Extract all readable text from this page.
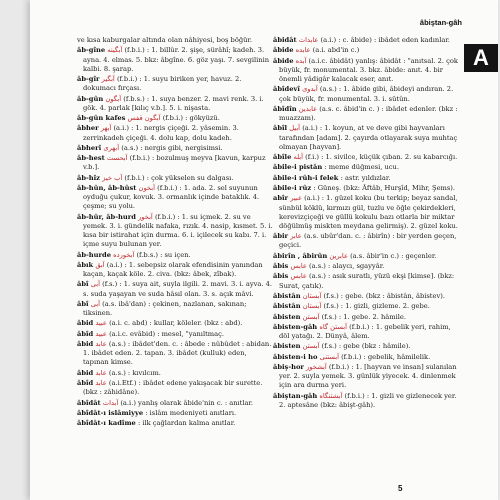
âbiştan-gâh
A
ve kısa kaburgalar altında olan nâhiyesi, boş böğür.
âb-gîne آبگينه (f.b.i.) : 1. billûr. 2. şişe, sürâhî; kadeh. 3. ayna. 4. elmas. 5. bkz: âbgîne. 6. göz yaşı. 7. sevgilinin kalbi. 8. şarap.
âb-gîr آبگير (f.b.i.) : 1. suyu biriken yer, havuz. 2. dokumacı fırçası.
âb-gûn آبگون (f.b.s.) : 1. suya benzer. 2. mavi renk. 3. i. gök. 4. parlak [kılıç v.b.]. 5. i. nişasta.
âb-gûn kafes آبگون قفس (f.b.i.) : gökyüzü.
âbher آبهر (a.i.) : 1. nergis çiçeği. 2. yâsemin. 3. zerrinkadeh çiçeği. 4. dolu kap, dolu kadeh.
âbherî آبهرى (a.s.) : nergis gibi, nergisimsi.
âb-hest آبحست (f.b.i.) : bozulmuş meyva [kavun, karpuz v.b.].
âb-hîz آب خيز (f.b.i.) : çok yükselen su dalgası.
âb-hûn, âb-hûst آبخون (f.b.i.) : 1. ada. 2. sel suyunun oyduğu çukur, kovuk. 3. ormanlık içinde bataklık. 4. çeşme; su yolu.
âb-hûr, âb-hurd آبخور (f.b.i.) : 1. su içmek. 2. su ve yemek. 3. i. gündelik nafaka, rızık. 4. nasip, kısmet. 5. i. kısa bir istirahat için durma. 6. i. içilecek su kabı. 7. i. içme suyu bulunan yer.
âb-hurde آبخورده (f.b.s.) : su içen.
âbık آبق (a.i.) : 1. sebepsiz olarak efendisinin yanından kaçan, kaçak köle. 2. civa. (bkz: âbek, zîbak).
âbî آبى (f.s.) : 1. suya ait, suyla ilgili. 2. mavi. 3. i. ayva. 4. s. suda yaşayan ve suda hâsıl olan. 3. s. açık mâvi.
âbî آبى (a.s. ibâ'dan) : çekinen, nazlanan, sakınan; tiksinen.
âbid عبيد (a.i. c. abd) : kullar, köleler. (bkz : abd).
âbîd عبيد (a.i.c. evâbid) : mesel, "yanıltmaç.
âbid عابد (a.s.) : ibâdet'den. c. : âbede : nûbûdet : abidan. 1. ibâdet eden. 2. tapan. 3. ibâdet (kulluk) eden, tapınan kimse.
âbid عابد (a.s.) : kıvılcım.
âbîd عابد (a.i.Etf.) : ibâdet edene yakışacak bir surette. (bkz : zâhidâne).
âbîdât آبدات (a.i.) yanlış olarak âbide'nin c. : anıtlar.
âbîdât-ı islâmiyye : islâm medeniyeti anıtları.
âbîdât-ı kadîme : ilk çağlardan kalma anıtlar.
âbidât عابدات (a.i.) : c. âbide) : ibâdet eden kadınlar.
âbide عابده (a.i. abd'in c.)
âbide آبده (a.i.c. âbidât) yanlış: âbidât : "anıtsal. 2. çok büyük, fr. monumental. 3. bkz. âbide: anıt. 4. bir önemli yâdigâr kalacak eser, anıt.
âbîdevî آبدوى (a.s.) : 1. âbide gibi, âbideyi andıran. 2. çok büyük, fr. monumental. 3. i. sütûn.
âbîdîn عابدين (a.s. c. âbid'in c. ) : ibâdet edenler. (bkz : muazzam).
âbîl آبيل (a.i.) : 1. koyun, at ve deve gibi hayvanları tarafından [adam]. 2. çayırda otlayarak suya muhtaç olmayan [hayvan].
âbîle آبله (f.i.) : 1. sivilce, küçük çıban. 2. su kabarcığı.
âbile-i pistân : meme düğmesi, ucu.
âbile-i rûh-i felek : astr. yıldızlar.
âbile-i rûz : Güneş. (bkz: Âftâb, Hurşîd, Mihr, Şems).
abîr عبير (a.i.) : 1. güzel koku (bu terkip; beyaz sandal, sünbül köklü, kırmızı gül, tuzlu ve öğle çekirdekleri, kerevizçiçeği ve güllü kokulu bazı otlarla bir miktar döğülmüş miskten meydana gelirmiş). 2. güzel koku.
âbir عابر (a.s. ubûr'dan. c. : âbirîn) : bir yerden geçen, geçici.
âbirîn , âbirûn عابرين (a.s. âbir'in c.) : geçenler.
âbis عابس (a.s.) : alaycı, sgayyâr.
âbis عابس (a.s.) : asık suratlı, yüzü ekşi [kimse]. (bkz: Surat, çatık).
âbistân آبستان (f.s.) : gebe. (bkz : âbistân, âbistev).
âbistân آبستان (f.s.) : 1. gizli, gizleme. 2. gebe.
âbisten آبستن (f.s.) : 1. gebe. 2. hâmile.
âbisten-gâh آبستن گاه (f.b.i.) : 1. gebelik yeri, rahim, döl yatağı. 2. Dünyâ, âlem.
âbisten آبستن (f.s.) : gebe (bkz : hâmile).
âbisten-i ho آبستنى (f.b.i.) : gebelik, hâmilelik.
âbiş-hor آبشخور (f.b.i.) : 1. [hayvan ve insan] sulanılan yer. 2. suyla yemek. 3. günlük yiyecek. 4. dinlenmek için ara durma yeri.
âbiştan-gâh آبشتنگاه (f.b.i.) : 1. gizli ve gizlenecek yer. 2. aptesâne (bkz: âbişt-gâh).
5
